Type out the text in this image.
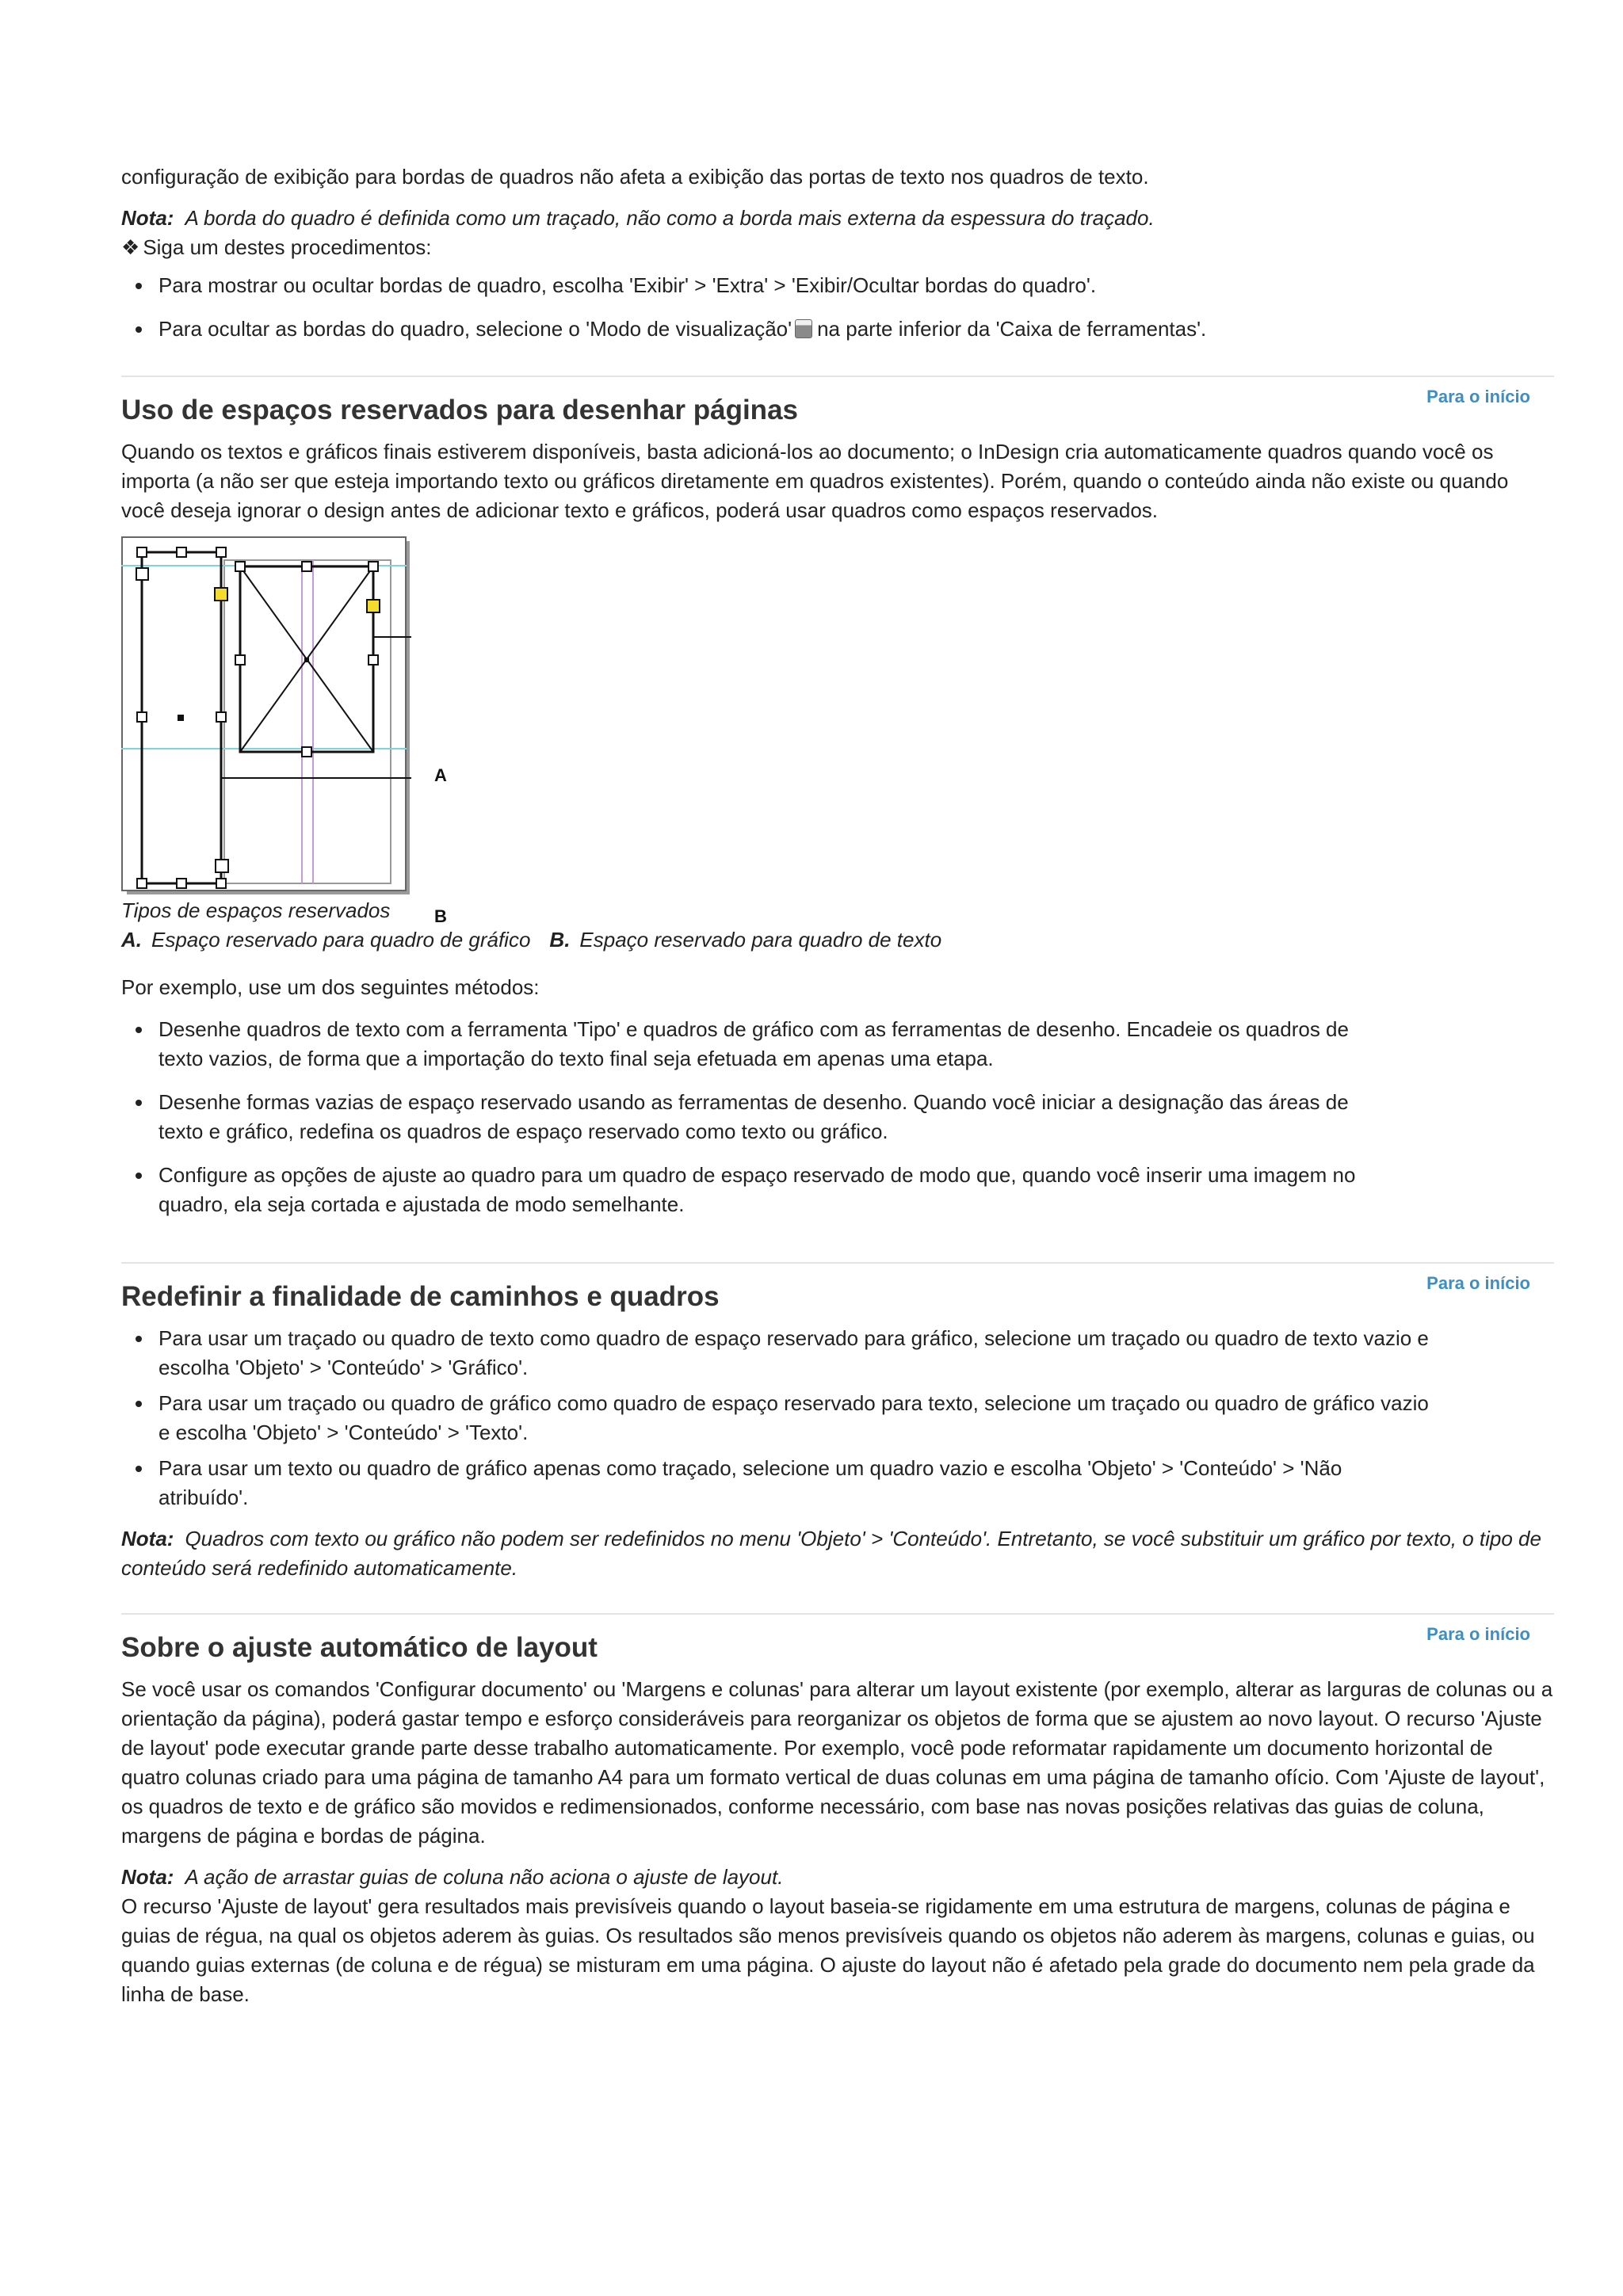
configuração de exibição para bordas de quadros não afeta a exibição das portas de texto nos quadros de texto.

Nota: A borda do quadro é definida como um traçado, não como a borda mais externa da espessura do traçado.

❖ Siga um destes procedimentos:

Para mostrar ou ocultar bordas de quadro, escolha 'Exibir' > 'Extra' > 'Exibir/Ocultar bordas do quadro'.
Para ocultar as bordas do quadro, selecione o 'Modo de visualização' na parte inferior da 'Caixa de ferramentas'.
Para o início
Uso de espaços reservados para desenhar páginas

Quando os textos e gráficos finais estiverem disponíveis, basta adicioná-los ao documento; o InDesign cria automaticamente quadros quando você os importa (a não ser que esteja importando texto ou gráficos diretamente em quadros existentes). Porém, quando o conteúdo ainda não existe ou quando você deseja ignorar o design antes de adicionar texto e gráficos, poderá usar quadros como espaços reservados.

A
B

Tipos de espaços reservados

A. Espaço reservado para quadro de gráfico B. Espaço reservado para quadro de texto

Por exemplo, use um dos seguintes métodos:

Desenhe quadros de texto com a ferramenta 'Tipo' e quadros de gráfico com as ferramentas de desenho. Encadeie os quadros de texto vazios, de forma que a importação do texto final seja efetuada em apenas uma etapa.
Desenhe formas vazias de espaço reservado usando as ferramentas de desenho. Quando você iniciar a designação das áreas de texto e gráfico, redefina os quadros de espaço reservado como texto ou gráfico.
Configure as opções de ajuste ao quadro para um quadro de espaço reservado de modo que, quando você inserir uma imagem no quadro, ela seja cortada e ajustada de modo semelhante.
Para o início
Redefinir a finalidade de caminhos e quadros
Para usar um traçado ou quadro de texto como quadro de espaço reservado para gráfico, selecione um traçado ou quadro de texto vazio e escolha 'Objeto' > 'Conteúdo' > 'Gráfico'.
Para usar um traçado ou quadro de gráfico como quadro de espaço reservado para texto, selecione um traçado ou quadro de gráfico vazio e escolha 'Objeto' > 'Conteúdo' > 'Texto'.
Para usar um texto ou quadro de gráfico apenas como traçado, selecione um quadro vazio e escolha 'Objeto' > 'Conteúdo' > 'Não atribuído'.

Nota: Quadros com texto ou gráfico não podem ser redefinidos no menu 'Objeto' > 'Conteúdo'. Entretanto, se você substituir um gráfico por texto, o tipo de conteúdo será redefinido automaticamente.

Para o início
Sobre o ajuste automático de layout

Se você usar os comandos 'Configurar documento' ou 'Margens e colunas' para alterar um layout existente (por exemplo, alterar as larguras de colunas ou a orientação da página), poderá gastar tempo e esforço consideráveis para reorganizar os objetos de forma que se ajustem ao novo layout. O recurso 'Ajuste de layout' pode executar grande parte desse trabalho automaticamente. Por exemplo, você pode reformatar rapidamente um documento horizontal de quatro colunas criado para uma página de tamanho A4 para um formato vertical de duas colunas em uma página de tamanho ofício. Com 'Ajuste de layout', os quadros de texto e de gráfico são movidos e redimensionados, conforme necessário, com base nas novas posições relativas das guias de coluna, margens de página e bordas de página.

Nota: A ação de arrastar guias de coluna não aciona o ajuste de layout.

O recurso 'Ajuste de layout' gera resultados mais previsíveis quando o layout baseia-se rigidamente em uma estrutura de margens, colunas de página e guias de régua, na qual os objetos aderem às guias. Os resultados são menos previsíveis quando os objetos não aderem às margens, colunas e guias, ou quando guias externas (de coluna e de régua) se misturam em uma página. O ajuste do layout não é afetado pela grade do documento nem pela grade da linha de base.
